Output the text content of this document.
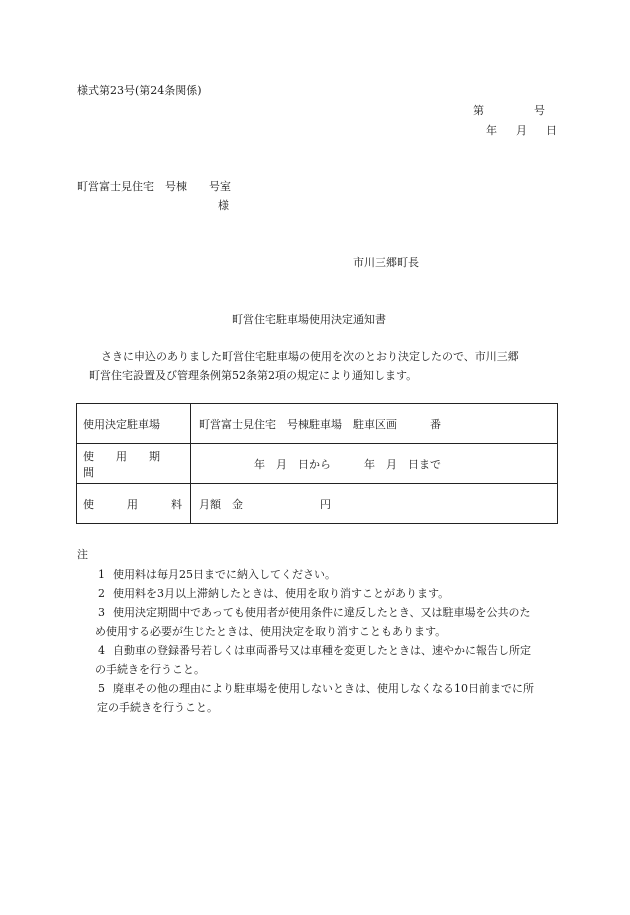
様式第23号(第24条関係)
第	号
年 月 日
町営富士見住宅　号棟　　号室
様
市川三郷町長
町営住宅駐車場使用決定通知書

さきに申込のありました町営住宅駐車場の使用を次のとおり決定したので、市川三郷

町営住宅設置及び管理条例第52条第2項の規定により通知します。

使用決定駐車場	町営富士見住宅　号棟駐車場　駐車区画　　　番
使　　用　　期　　間	　　　　　年　月　日から　　　年　月　日まで
使　　　用　　　料	月額　金　　　　　　　円

注

1 使用料は毎月25日までに納入してください。

2 使用料を3月以上滞納したときは、使用を取り消すことがあります。

3 使用決定期間中であっても使用者が使用条件に違反したとき、又は駐車場を公共のた

め使用する必要が生じたときは、使用決定を取り消すこともあります。

4 自動車の登録番号若しくは車両番号又は車種を変更したときは、速やかに報告し所定

の手続きを行うこと。

5 廃車その他の理由により駐車場を使用しないときは、使用しなくなる10日前までに所

定の手続きを行うこと。
